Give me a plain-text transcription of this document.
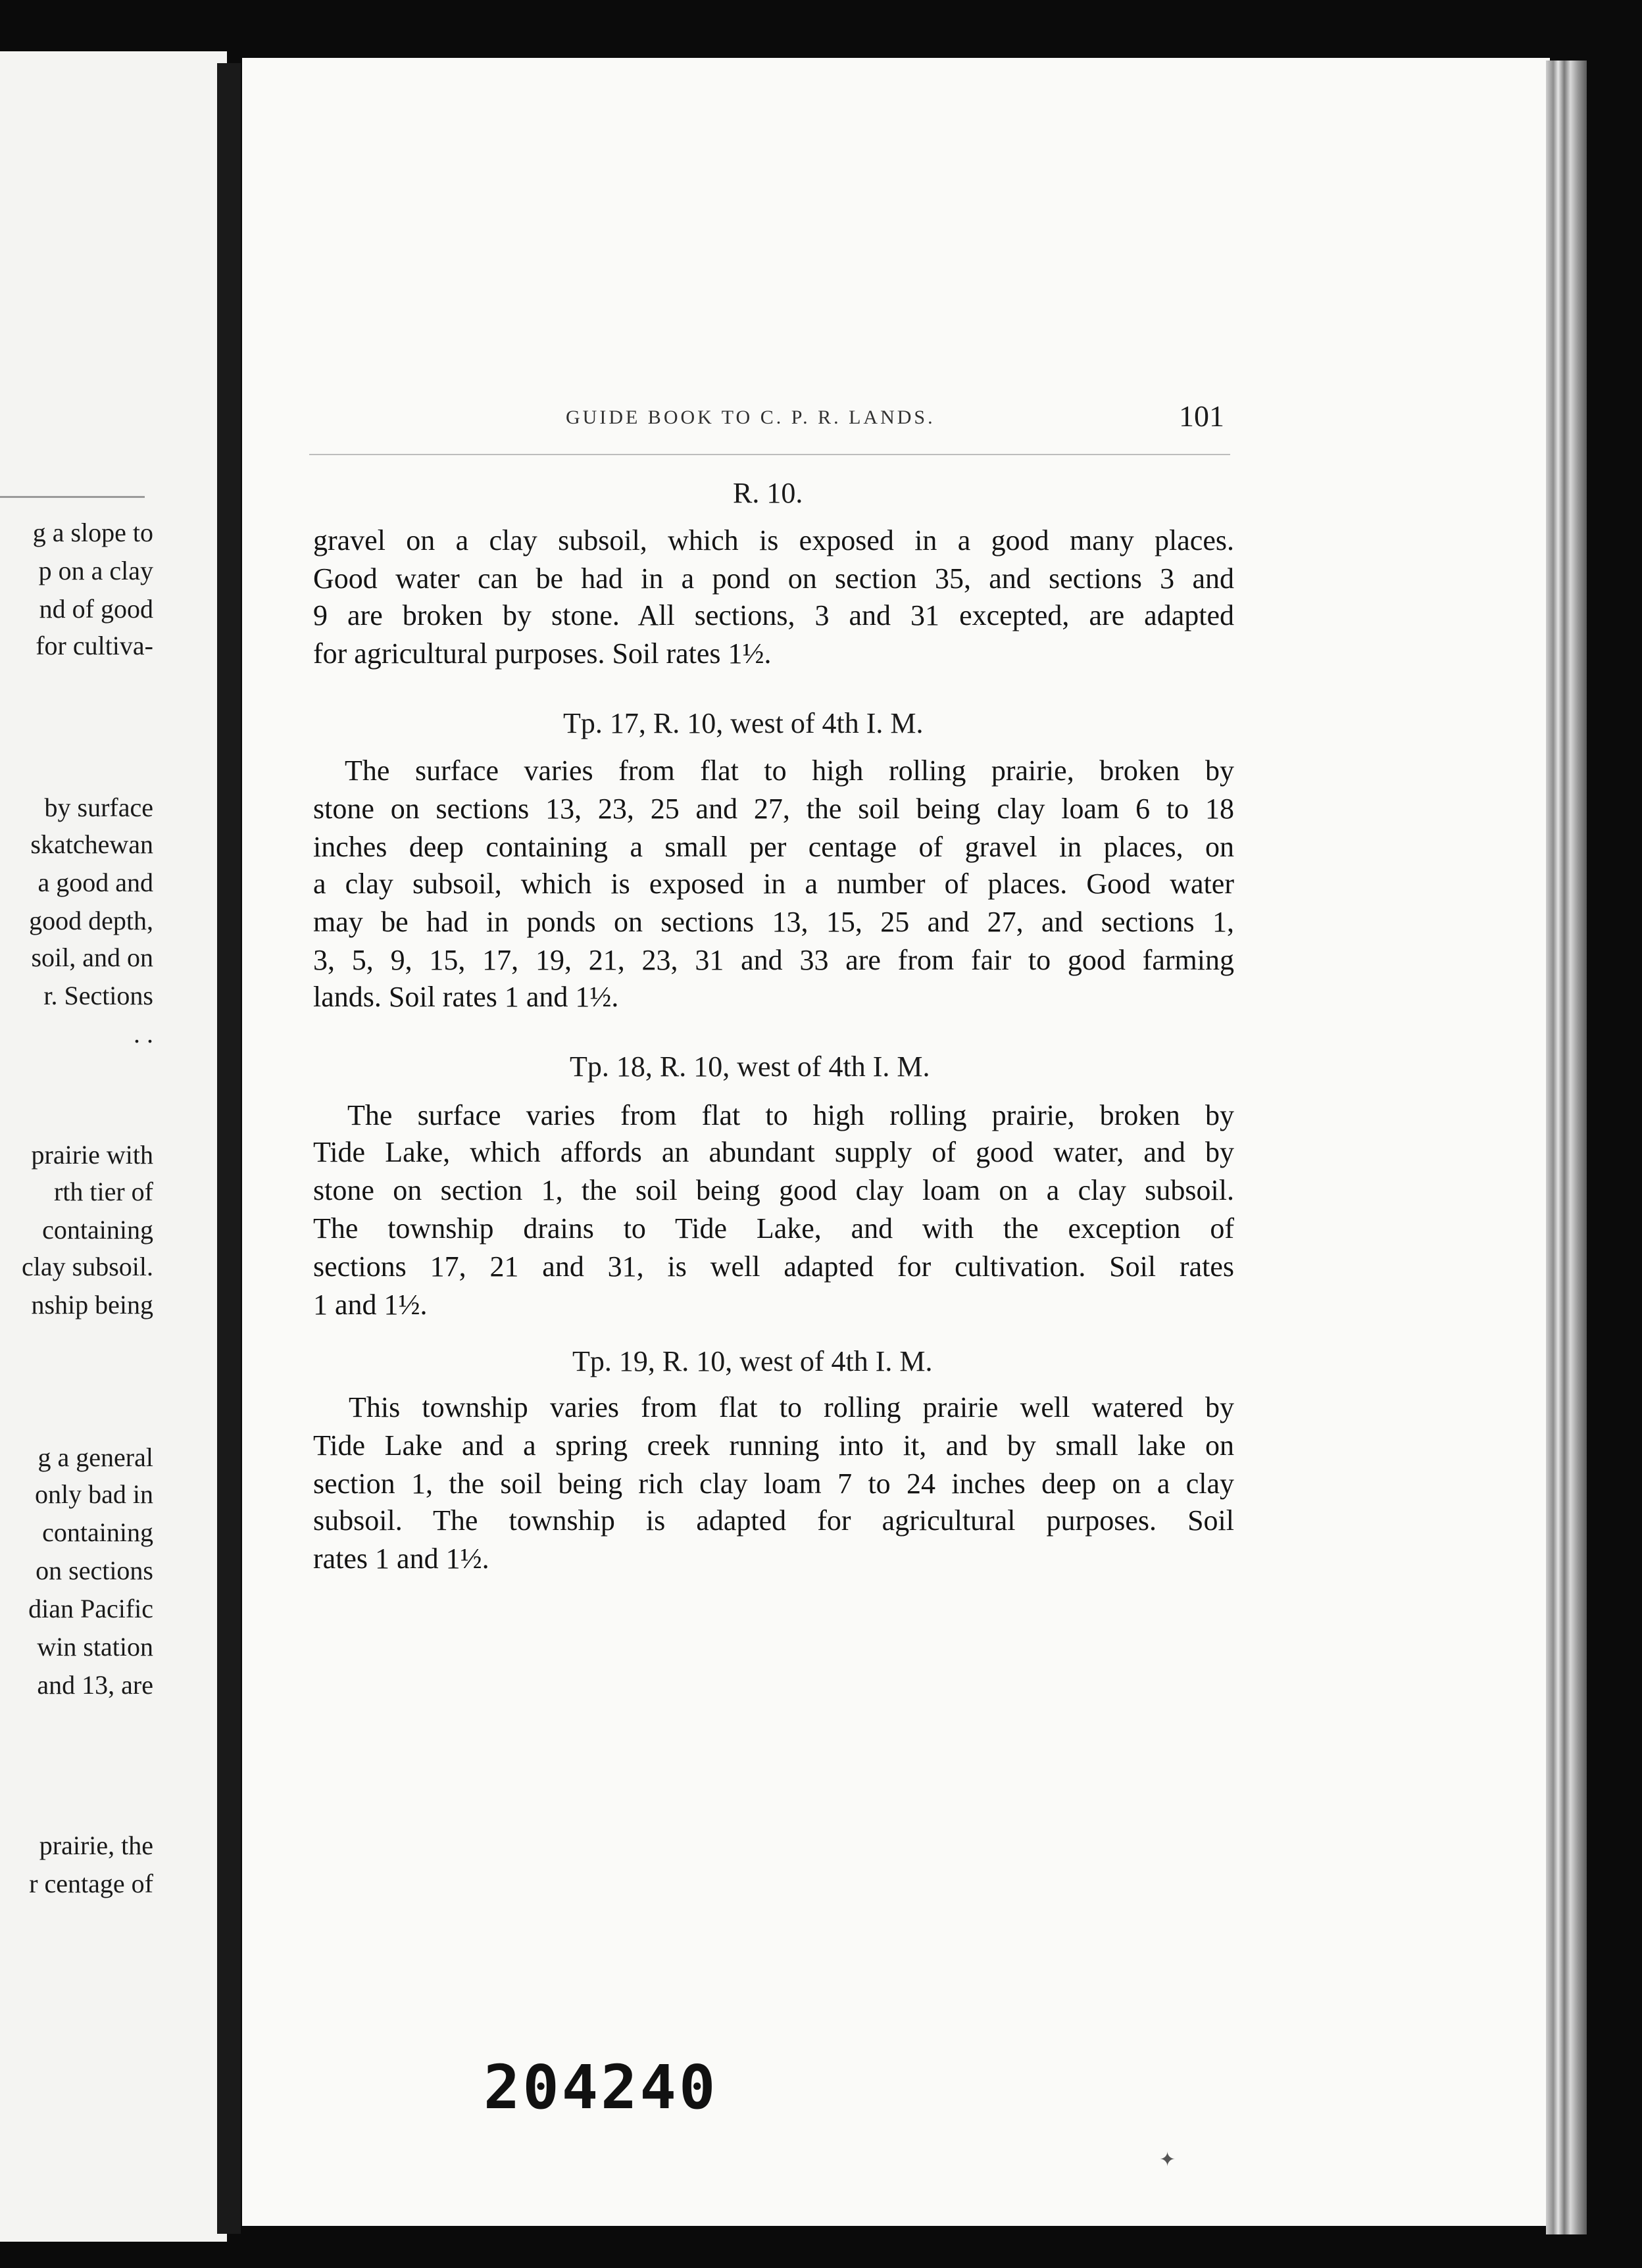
g a slope to
p on a clay
nd of good
for cultiva-
by surface
skatchewan
a good and
good depth,
soil, and on
r. Sections
. .
prairie with
rth tier of
containing
clay subsoil.
nship being
g a general
only bad in
containing
on sections
dian Pacific
win station
and 13, are
prairie, the
r centage of
GUIDE BOOK TO C. P. R. LANDS.	101
R. 10.
gravel on a clay subsoil, which is exposed in a good many places.
Good water can be had in a pond on section 35, and sections 3 and
9 are broken by stone. All sections, 3 and 31 excepted, are adapted
for agricultural purposes. Soil rates 1½.
Tp. 17, R. 10, west of 4th I. M.
The surface varies from flat to high rolling prairie, broken by
stone on sections 13, 23, 25 and 27, the soil being clay loam 6 to 18
inches deep containing a small per centage of gravel in places, on
a clay subsoil, which is exposed in a number of places. Good water
may be had in ponds on sections 13, 15, 25 and 27, and sections 1,
3, 5, 9, 15, 17, 19, 21, 23, 31 and 33 are from fair to good farming
lands. Soil rates 1 and 1½.
Tp. 18, R. 10, west of 4th I. M.
The surface varies from flat to high rolling prairie, broken by
Tide Lake, which affords an abundant supply of good water, and by
stone on section 1, the soil being good clay loam on a clay subsoil.
The township drains to Tide Lake, and with the exception of
sections 17, 21 and 31, is well adapted for cultivation. Soil rates
1 and 1½.
Tp. 19, R. 10, west of 4th I. M.
This township varies from flat to rolling prairie well watered by
Tide Lake and a spring creek running into it, and by small lake on
section 1, the soil being rich clay loam 7 to 24 inches deep on a clay
subsoil. The township is adapted for agricultural purposes. Soil
rates 1 and 1½.
204240
✦
